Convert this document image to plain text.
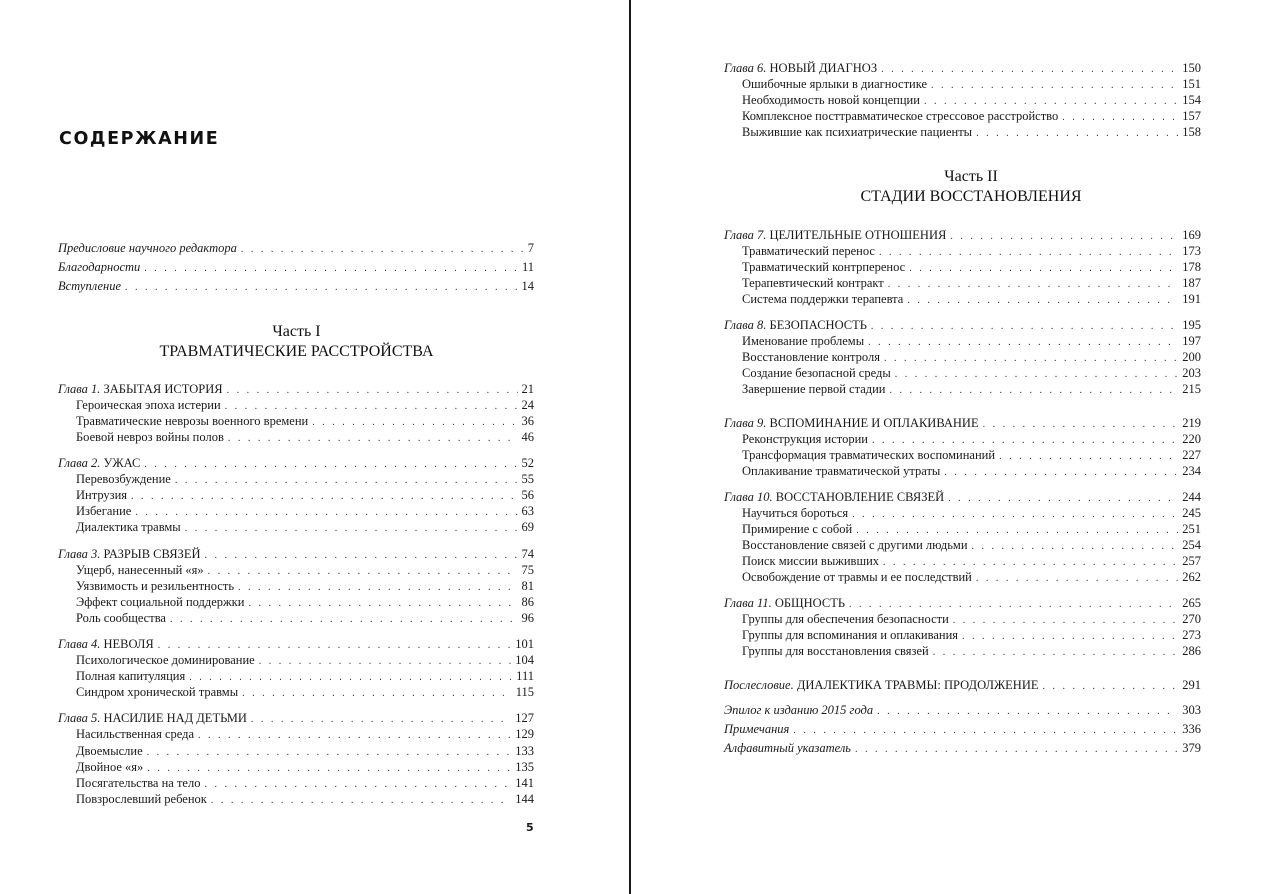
СОДЕРЖАНИЕ
Предисловие научного редактора . . .	7
Благодарности . . .	11
Вступление . . .	14
Часть I
ТРАВМАТИЧЕСКИЕ РАССТРОЙСТВА
Глава 1. ЗАБЫТАЯ ИСТОРИЯ . . .	21
Героическая эпоха истерии . . .	24
Травматические неврозы военного времени . . .	36
Боевой невроз войны полов . . .	46
Глава 2. УЖАС . . .	52
Перевозбуждение . . .	55
Интрузия . . .	56
Избегание . . .	63
Диалектика травмы . . .	69
Глава 3. РАЗРЫВ СВЯЗЕЙ . . .	74
Ущерб, нанесенный «я» . . .	75
Уязвимость и резильентность . . .	81
Эффект социальной поддержки . . .	86
Роль сообщества . . .	96
Глава 4. НЕВОЛЯ . . .	101
Психологическое доминирование . . .	104
Полная капитуляция . . .	111
Синдром хронической травмы . . .	115
Глава 5. НАСИЛИЕ НАД ДЕТЬМИ . . .	127
Насильственная среда . . .	129
Двоемыслие . . .	133
Двойное «я» . . .	135
Посягательства на тело . . .	141
Повзрослевший ребенок . . .	144
5
Глава 6. НОВЫЙ ДИАГНОЗ . . .	150
Ошибочные ярлыки в диагностике . . .	151
Необходимость новой концепции . . .	154
Комплексное посттравматическое стрессовое расстройство . . .	157
Выжившие как психиатрические пациенты . . .	158
Часть II
СТАДИИ ВОССТАНОВЛЕНИЯ
Глава 7. ЦЕЛИТЕЛЬНЫЕ ОТНОШЕНИЯ . . .	169
Травматический перенос . . .	173
Травматический контрперенос . . .	178
Терапевтический контракт . . .	187
Система поддержки терапевта . . .	191
Глава 8. БЕЗОПАСНОСТЬ . . .	195
Именование проблемы . . .	197
Восстановление контроля . . .	200
Создание безопасной среды . . .	203
Завершение первой стадии . . .	215
Глава 9. ВСПОМИНАНИЕ И ОПЛАКИВАНИЕ . . .	219
Реконструкция истории . . .	220
Трансформация травматических воспоминаний . . .	227
Оплакивание травматической утраты . . .	234
Глава 10. ВОССТАНОВЛЕНИЕ СВЯЗЕЙ . . .	244
Научиться бороться . . .	245
Примирение с собой . . .	251
Восстановление связей с другими людьми . . .	254
Поиск миссии выживших . . .	257
Освобождение от травмы и ее последствий . . .	262
Глава 11. ОБЩНОСТЬ . . .	265
Группы для обеспечения безопасности . . .	270
Группы для вспоминания и оплакивания . . .	273
Группы для восстановления связей . . .	286
Послесловие. ДИАЛЕКТИКА ТРАВМЫ: ПРОДОЛЖЕНИЕ . . .	291
Эпилог к изданию 2015 года . . .	303
Примечания . . .	336
Алфавитный указатель . . .	379
